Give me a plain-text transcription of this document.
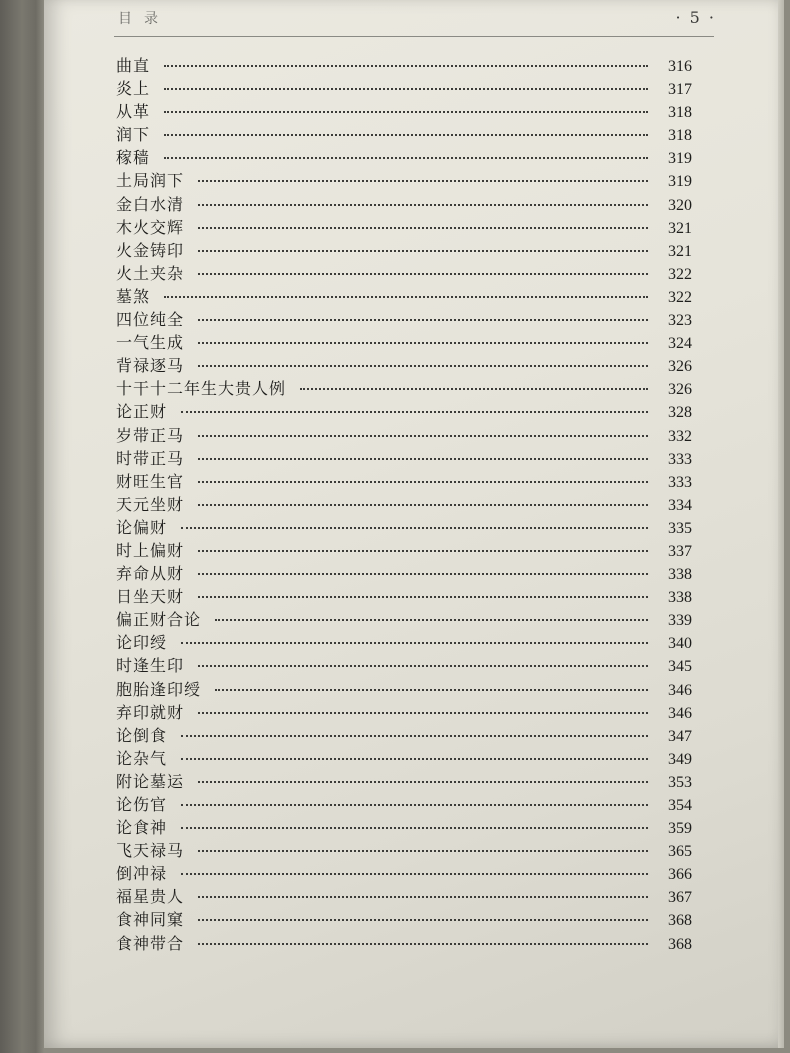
目录	· 5 ·
曲直	316
炎上	317
从革	318
润下	318
稼穑	319
土局润下	319
金白水清	320
木火交辉	321
火金铸印	321
火土夹杂	322
墓煞	322
四位纯全	323
一气生成	324
背禄逐马	326
十干十二年生大贵人例	326
论正财	328
岁带正马	332
时带正马	333
财旺生官	333
天元坐财	334
论偏财	335
时上偏财	337
弃命从财	338
日坐天财	338
偏正财合论	339
论印绶	340
时逢生印	345
胞胎逢印绶	346
弃印就财	346
论倒食	347
论杂气	349
附论墓运	353
论伤官	354
论食神	359
飞天禄马	365
倒冲禄	366
福星贵人	367
食神同窠	368
食神带合	368
